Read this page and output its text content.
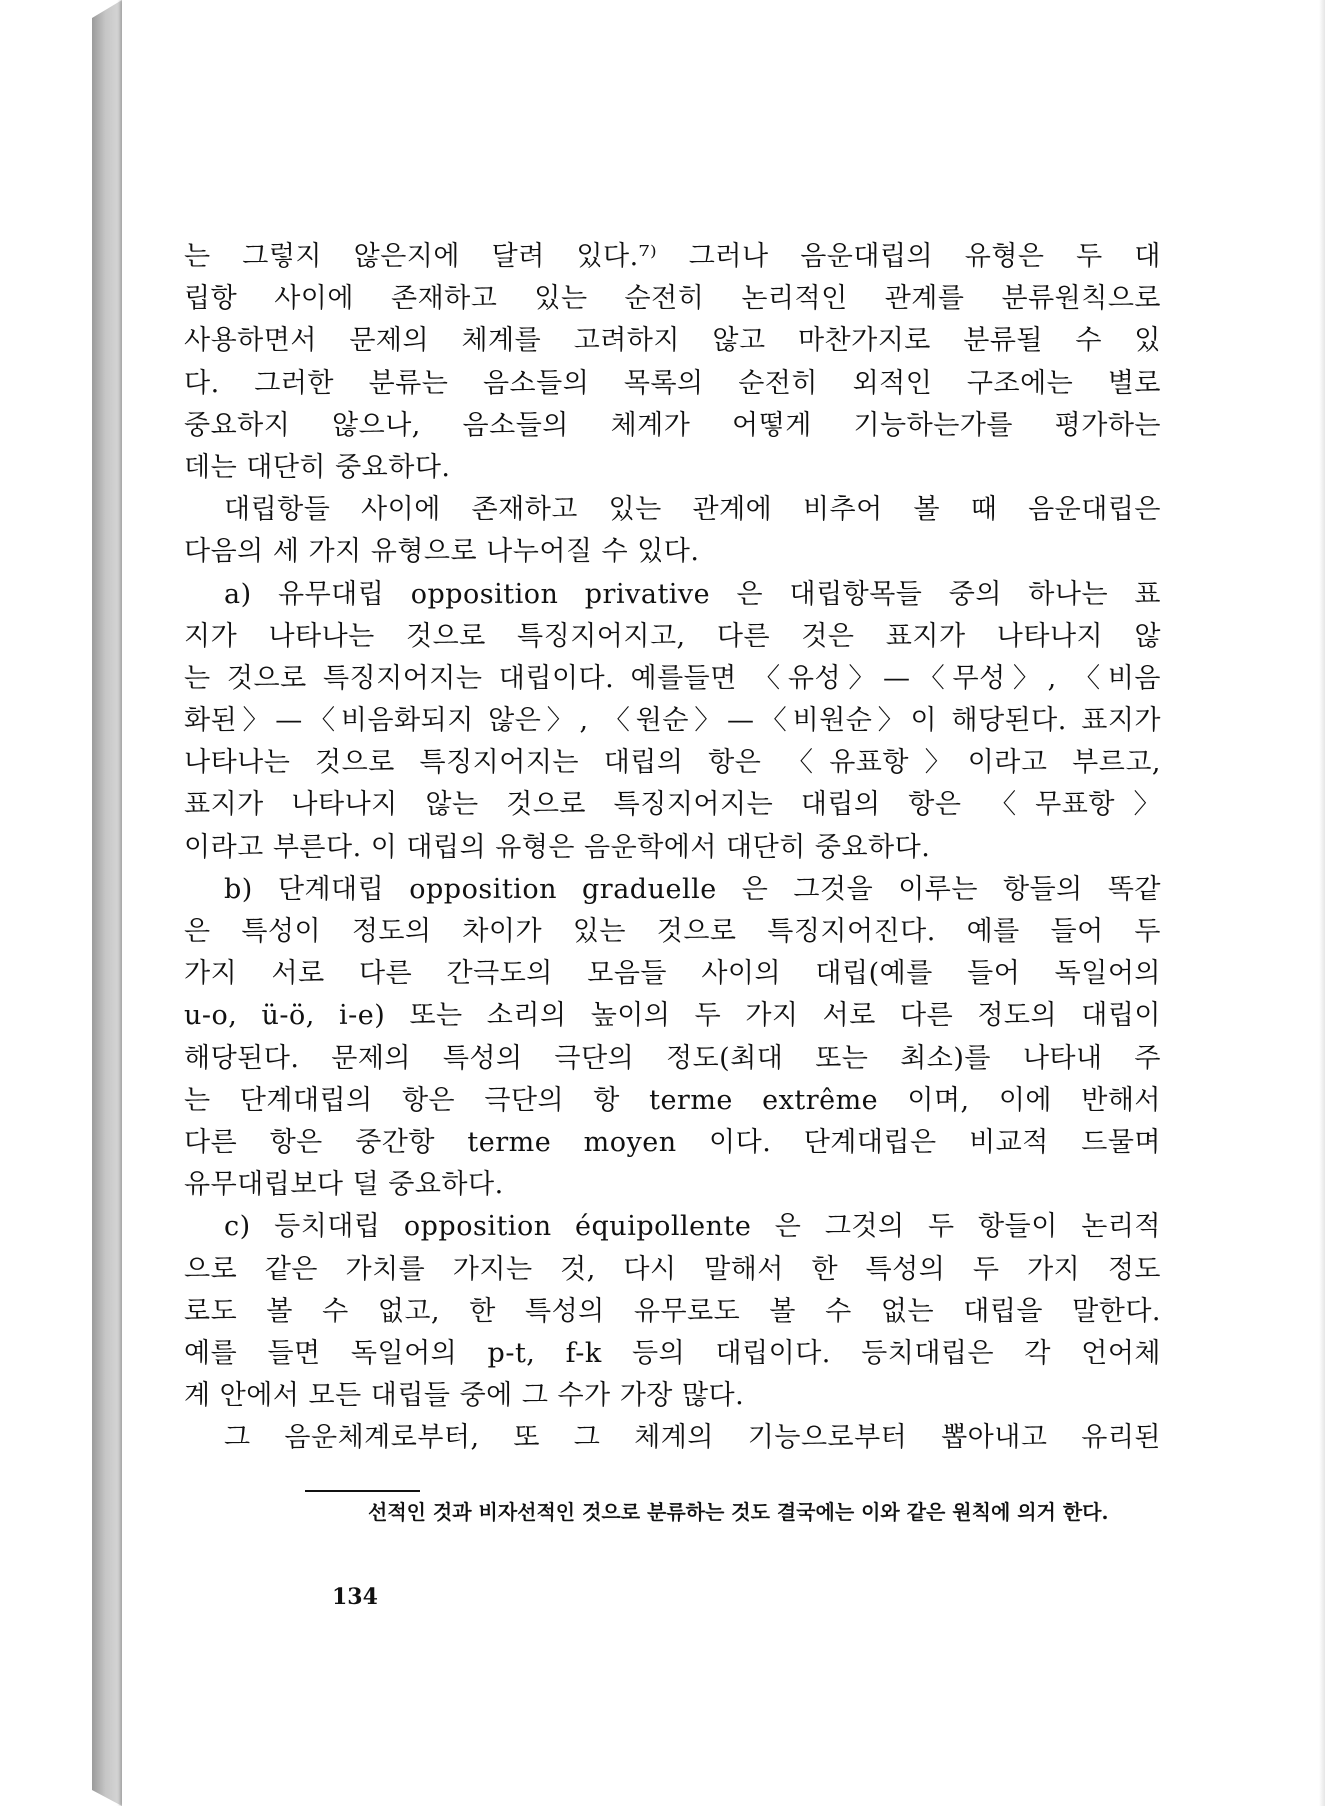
는 그렇지 않은지에 달려 있다.⁷⁾ 그러나 음운대립의 유형은 두 대
립항 사이에 존재하고 있는 순전히 논리적인 관계를 분류원칙으로
사용하면서 문제의 체계를 고려하지 않고 마찬가지로 분류될 수 있
다. 그러한 분류는 음소들의 목록의 순전히 외적인 구조에는 별로
중요하지 않으나, 음소들의 체계가 어떻게 기능하는가를 평가하는
데는 대단히 중요하다.
대립항들 사이에 존재하고 있는 관계에 비추어 볼 때 음운대립은
다음의 세 가지 유형으로 나누어질 수 있다.
a) 유무대립 opposition privative 은 대립항목들 중의 하나는 표
지가 나타나는 것으로 특징지어지고, 다른 것은 표지가 나타나지 않
는 것으로 특징지어지는 대립이다. 예를들면 〈유성〉—〈무성〉, 〈비음
화된〉—〈비음화되지 않은〉, 〈원순〉—〈비원순〉이 해당된다. 표지가
나타나는 것으로 특징지어지는 대립의 항은 〈유표항〉이라고 부르고,
표지가 나타나지 않는 것으로 특징지어지는 대립의 항은 〈무표항〉
이라고 부른다. 이 대립의 유형은 음운학에서 대단히 중요하다.
b) 단계대립 opposition graduelle 은 그것을 이루는 항들의 똑같
은 특성이 정도의 차이가 있는 것으로 특징지어진다. 예를 들어 두
가지 서로 다른 간극도의 모음들 사이의 대립(예를 들어 독일어의
u-o, ü-ö, i-e) 또는 소리의 높이의 두 가지 서로 다른 정도의 대립이
해당된다. 문제의 특성의 극단의 정도(최대 또는 최소)를 나타내 주
는 단계대립의 항은 극단의 항 terme extrême 이며, 이에 반해서
다른 항은 중간항 terme moyen 이다. 단계대립은 비교적 드물며
유무대립보다 덜 중요하다.
c) 등치대립 opposition équipollente 은 그것의 두 항들이 논리적
으로 같은 가치를 가지는 것, 다시 말해서 한 특성의 두 가지 정도
로도 볼 수 없고, 한 특성의 유무로도 볼 수 없는 대립을 말한다.
예를 들면 독일어의 p-t, f-k 등의 대립이다. 등치대립은 각 언어체
계 안에서 모든 대립들 중에 그 수가 가장 많다.
그 음운체계로부터, 또 그 체계의 기능으로부터 뽑아내고 유리된
선적인 것과 비자선적인 것으로 분류하는 것도 결국에는 이와 같은 원칙에 의거 한다.
134
